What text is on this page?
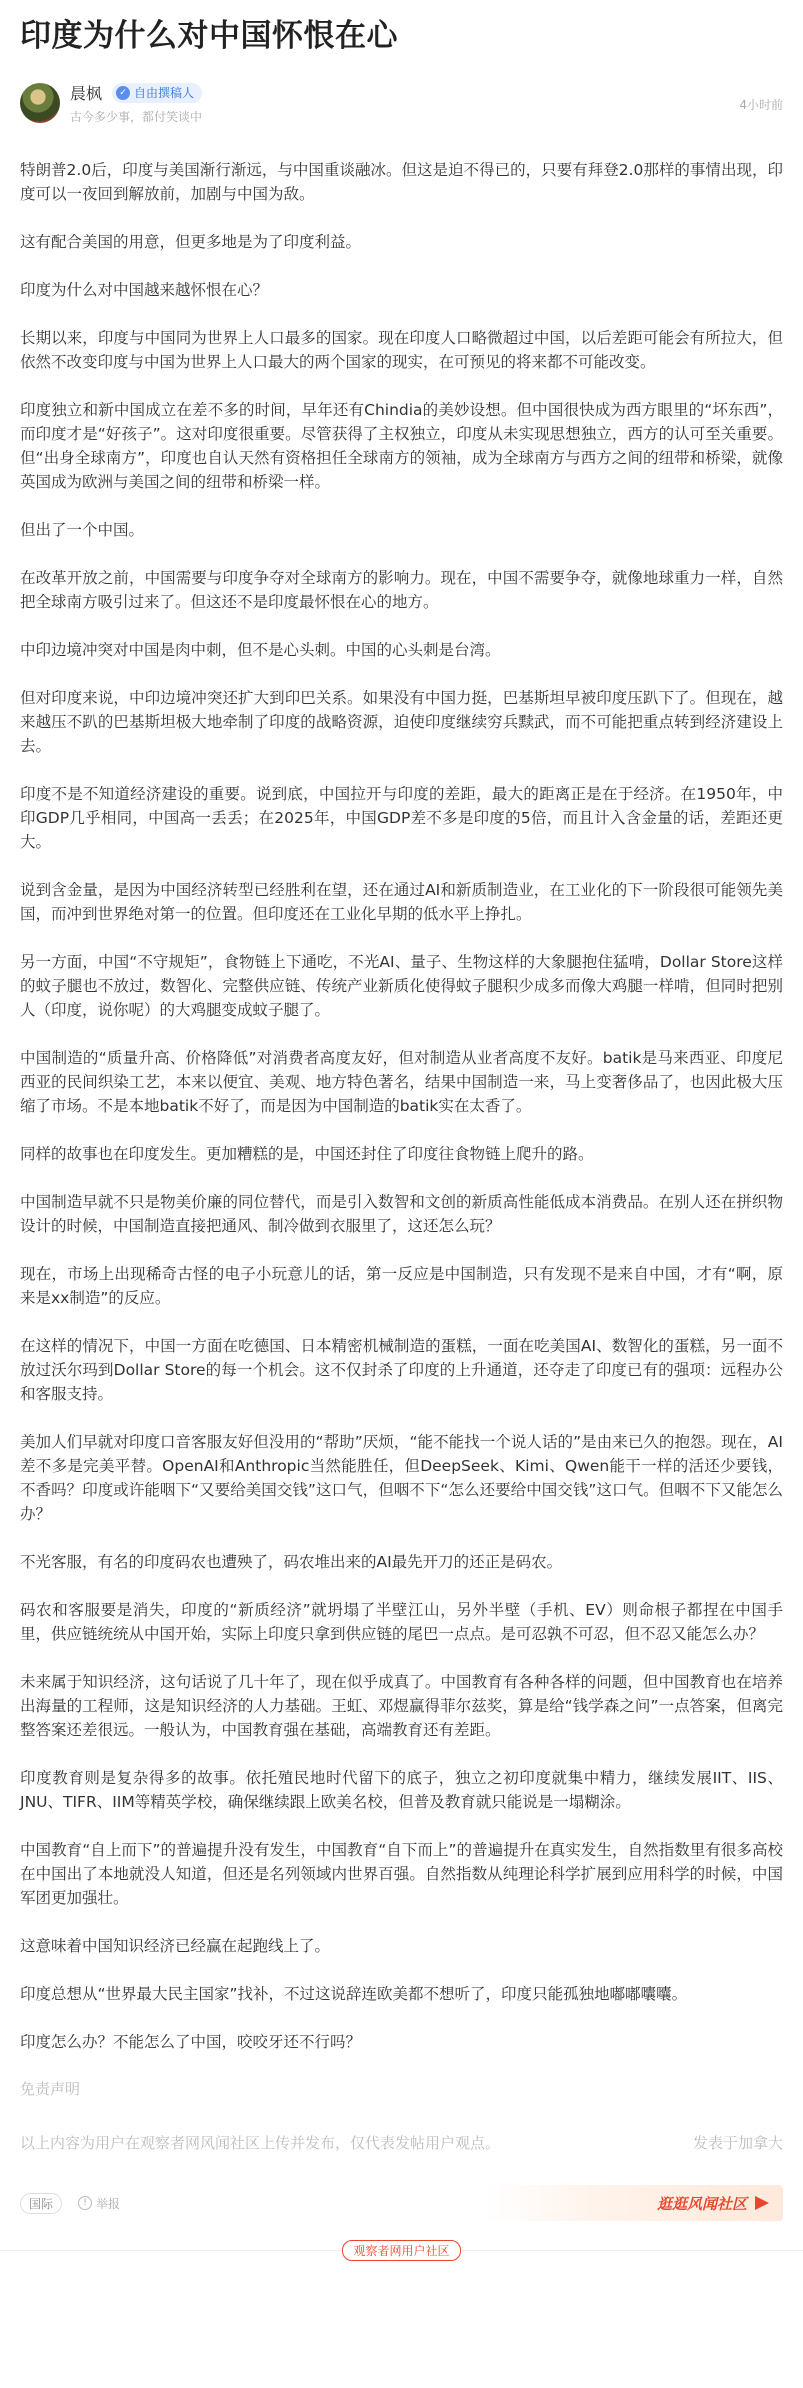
印度为什么对中国怀恨在心
晨枫	✓ 自由撰稿人
古今多少事，都付笑谈中
4小时前

特朗普2.0后，印度与美国渐行渐远，与中国重谈融冰。但这是迫不得已的，只要有拜登2.0那样的事情出现，印度可以一夜回到解放前，加剧与中国为敌。

这有配合美国的用意，但更多地是为了印度利益。

印度为什么对中国越来越怀恨在心？

长期以来，印度与中国同为世界上人口最多的国家。现在印度人口略微超过中国，以后差距可能会有所拉大，但依然不改变印度与中国为世界上人口最大的两个国家的现实，在可预见的将来都不可能改变。

印度独立和新中国成立在差不多的时间，早年还有Chindia的美妙设想。但中国很快成为西方眼里的“坏东西”，而印度才是“好孩子”。这对印度很重要。尽管获得了主权独立，印度从未实现思想独立，西方的认可至关重要。但“出身全球南方”，印度也自认天然有资格担任全球南方的领袖，成为全球南方与西方之间的纽带和桥梁，就像英国成为欧洲与美国之间的纽带和桥梁一样。

但出了一个中国。

在改革开放之前，中国需要与印度争夺对全球南方的影响力。现在，中国不需要争夺，就像地球重力一样，自然把全球南方吸引过来了。但这还不是印度最怀恨在心的地方。

中印边境冲突对中国是肉中刺，但不是心头刺。中国的心头刺是台湾。

但对印度来说，中印边境冲突还扩大到印巴关系。如果没有中国力挺，巴基斯坦早被印度压趴下了。但现在，越来越压不趴的巴基斯坦极大地牵制了印度的战略资源，迫使印度继续穷兵黩武，而不可能把重点转到经济建设上去。

印度不是不知道经济建设的重要。说到底，中国拉开与印度的差距，最大的距离正是在于经济。在1950年，中印GDP几乎相同，中国高一丢丢；在2025年，中国GDP差不多是印度的5倍，而且计入含金量的话，差距还更大。

说到含金量，是因为中国经济转型已经胜利在望，还在通过AI和新质制造业，在工业化的下一阶段很可能领先美国，而冲到世界绝对第一的位置。但印度还在工业化早期的低水平上挣扎。

另一方面，中国“不守规矩”，食物链上下通吃，不光AI、量子、生物这样的大象腿抱住猛啃，Dollar Store这样的蚊子腿也不放过，数智化、完整供应链、传统产业新质化使得蚊子腿积少成多而像大鸡腿一样啃，但同时把别人（印度，说你呢）的大鸡腿变成蚊子腿了。

中国制造的“质量升高、价格降低”对消费者高度友好，但对制造从业者高度不友好。batik是马来西亚、印度尼西亚的民间织染工艺，本来以便宜、美观、地方特色著名，结果中国制造一来，马上变奢侈品了，也因此极大压缩了市场。不是本地batik不好了，而是因为中国制造的batik实在太香了。

同样的故事也在印度发生。更加糟糕的是，中国还封住了印度往食物链上爬升的路。

中国制造早就不只是物美价廉的同位替代，而是引入数智和文创的新质高性能低成本消费品。在别人还在拼织物设计的时候，中国制造直接把通风、制冷做到衣服里了，这还怎么玩？

现在，市场上出现稀奇古怪的电子小玩意儿的话，第一反应是中国制造，只有发现不是来自中国，才有“啊，原来是xx制造”的反应。

在这样的情况下，中国一方面在吃德国、日本精密机械制造的蛋糕，一面在吃美国AI、数智化的蛋糕，另一面不放过沃尔玛到Dollar Store的每一个机会。这不仅封杀了印度的上升通道，还夺走了印度已有的强项：远程办公和客服支持。

美加人们早就对印度口音客服友好但没用的“帮助”厌烦，“能不能找一个说人话的”是由来已久的抱怨。现在，AI差不多是完美平替。OpenAI和Anthropic当然能胜任，但DeepSeek、Kimi、Qwen能干一样的活还少要钱，不香吗？印度或许能咽下“又要给美国交钱”这口气，但咽不下“怎么还要给中国交钱”这口气。但咽不下又能怎么办？

不光客服，有名的印度码农也遭殃了，码农堆出来的AI最先开刀的还正是码农。

码农和客服要是消失，印度的“新质经济”就坍塌了半壁江山，另外半壁（手机、EV）则命根子都捏在中国手里，供应链统统从中国开始，实际上印度只拿到供应链的尾巴一点点。是可忍孰不可忍，但不忍又能怎么办？

未来属于知识经济，这句话说了几十年了，现在似乎成真了。中国教育有各种各样的问题，但中国教育也在培养出海量的工程师，这是知识经济的人力基础。王虹、邓煜赢得菲尔兹奖，算是给“钱学森之问”一点答案，但离完整答案还差很远。一般认为，中国教育强在基础，高端教育还有差距。

印度教育则是复杂得多的故事。依托殖民地时代留下的底子，独立之初印度就集中精力，继续发展IIT、IIS、JNU、TIFR、IIM等精英学校，确保继续跟上欧美名校，但普及教育就只能说是一塌糊涂。

中国教育“自上而下”的普遍提升没有发生，中国教育“自下而上”的普遍提升在真实发生，自然指数里有很多高校在中国出了本地就没人知道，但还是名列领域内世界百强。自然指数从纯理论科学扩展到应用科学的时候，中国军团更加强壮。

这意味着中国知识经济已经赢在起跑线上了。

印度总想从“世界最大民主国家”找补，不过这说辞连欧美都不想听了，印度只能孤独地嘟嘟囔囔。

印度怎么办？不能怎么了中国，咬咬牙还不行吗？

免责声明
以上内容为用户在观察者网风闻社区上传并发布，仅代表发帖用户观点。	发表于加拿大
国际	! 举报	逛逛风闻社区
观察者网用户社区
